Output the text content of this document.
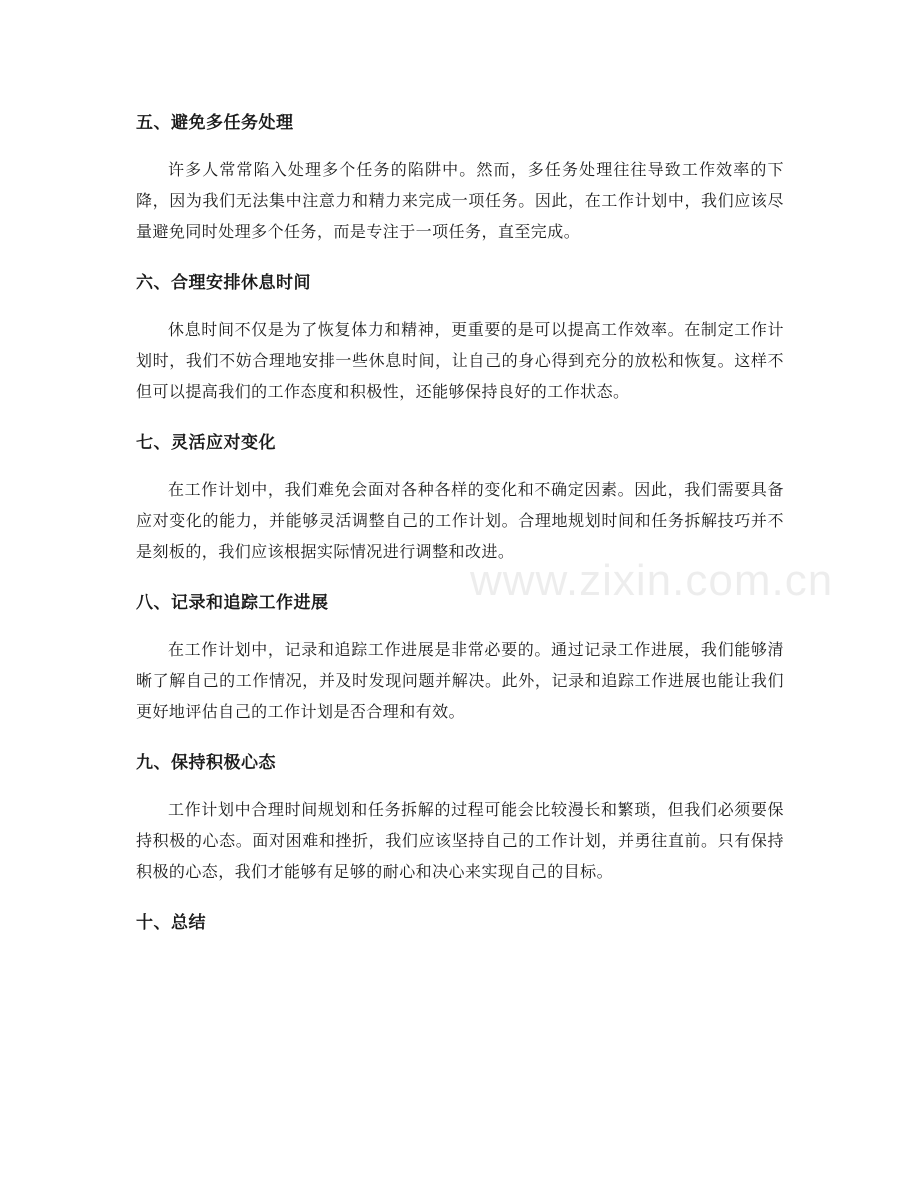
五、避免多任务处理

许多人常常陷入处理多个任务的陷阱中。然而，多任务处理往往导致工作效率的下降，因为我们无法集中注意力和精力来完成一项任务。因此，在工作计划中，我们应该尽量避免同时处理多个任务，而是专注于一项任务，直至完成。

六、合理安排休息时间

休息时间不仅是为了恢复体力和精神，更重要的是可以提高工作效率。在制定工作计划时，我们不妨合理地安排一些休息时间，让自己的身心得到充分的放松和恢复。这样不但可以提高我们的工作态度和积极性，还能够保持良好的工作状态。

七、灵活应对变化

在工作计划中，我们难免会面对各种各样的变化和不确定因素。因此，我们需要具备应对变化的能力，并能够灵活调整自己的工作计划。合理地规划时间和任务拆解技巧并不是刻板的，我们应该根据实际情况进行调整和改进。

八、记录和追踪工作进展

在工作计划中，记录和追踪工作进展是非常必要的。通过记录工作进展，我们能够清晰了解自己的工作情况，并及时发现问题并解决。此外，记录和追踪工作进展也能让我们更好地评估自己的工作计划是否合理和有效。

九、保持积极心态

工作计划中合理时间规划和任务拆解的过程可能会比较漫长和繁琐，但我们必须要保持积极的心态。面对困难和挫折，我们应该坚持自己的工作计划，并勇往直前。只有保持积极的心态，我们才能够有足够的耐心和决心来实现自己的目标。

十、总结
www.zixin.com.cn
